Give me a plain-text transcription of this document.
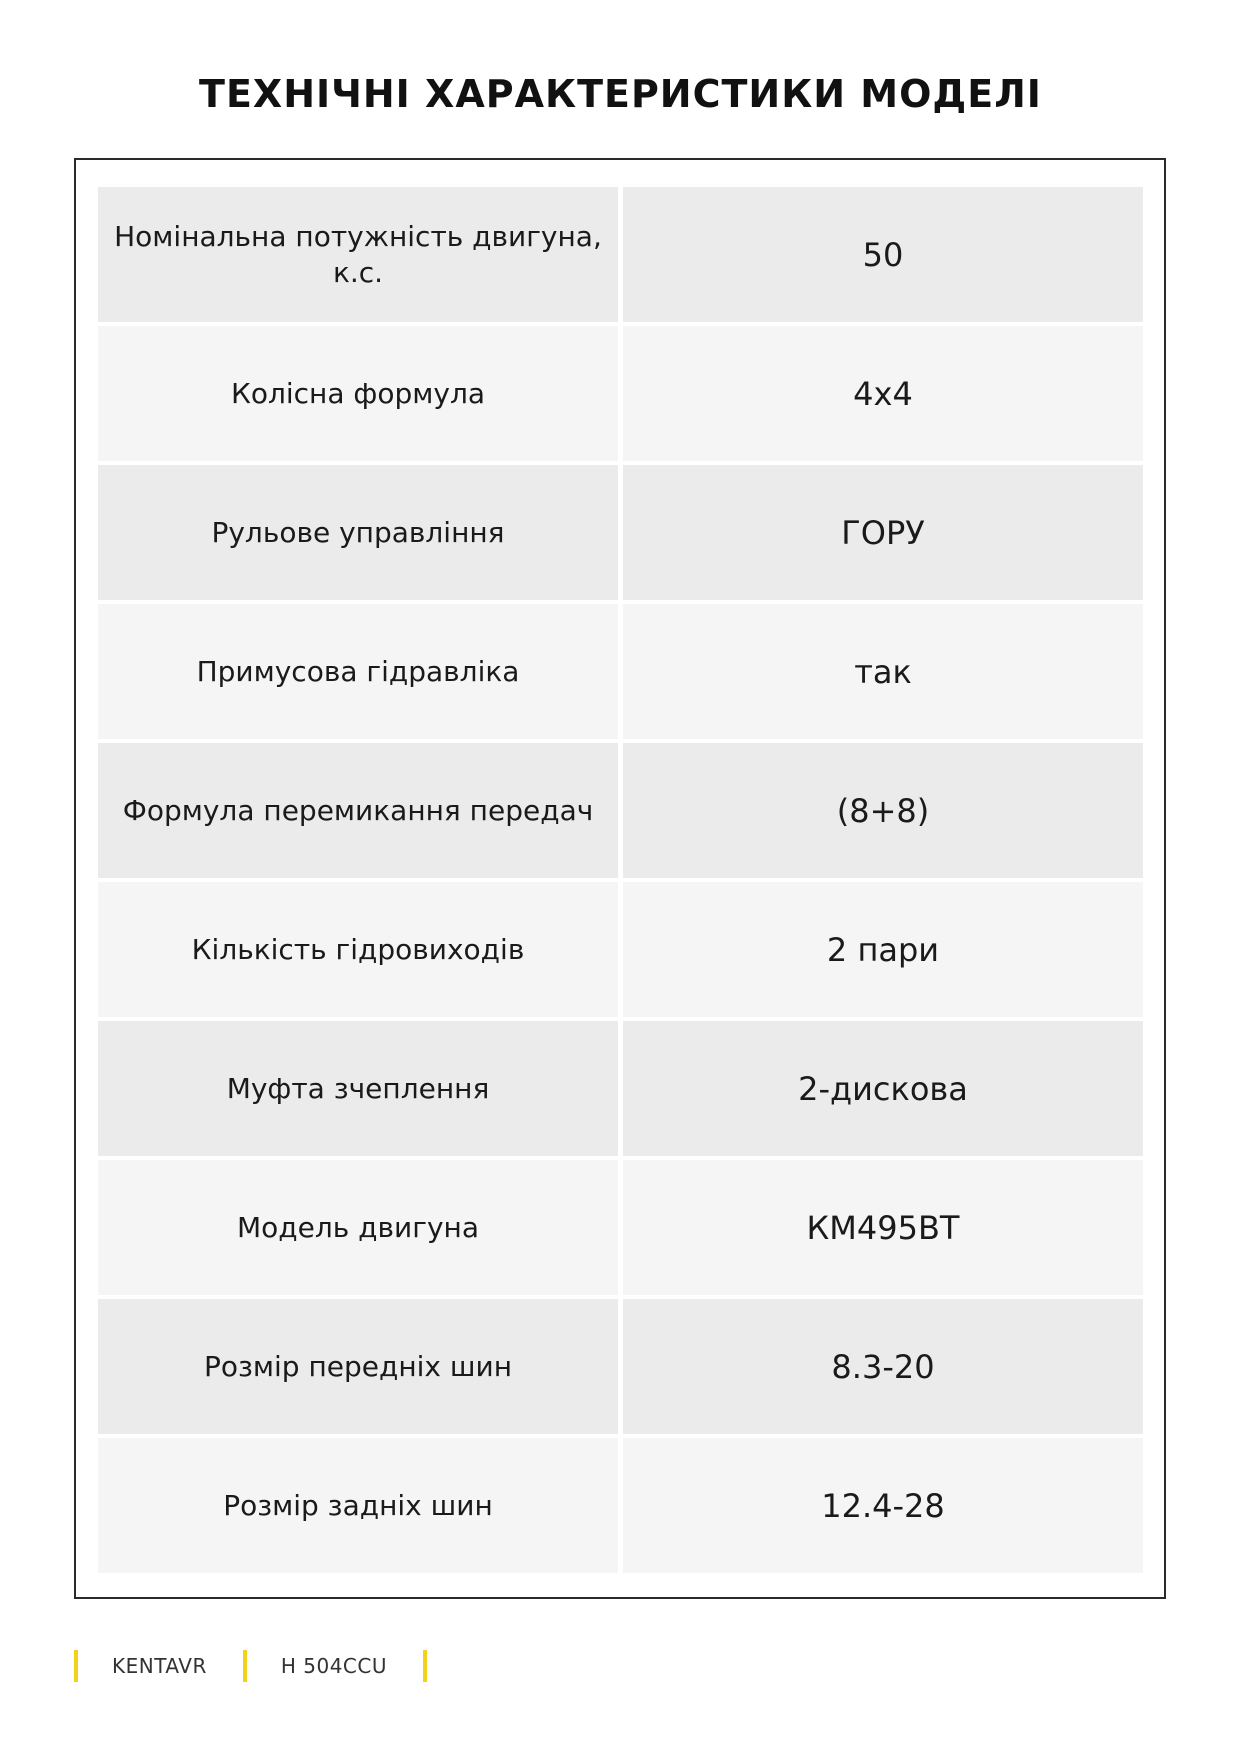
ТЕХНІЧНІ ХАРАКТЕРИСТИКИ МОДЕЛІ
Номінальна потужність двигуна, к.с.	50
Колісна формула	4х4
Рульове управління	ГОРУ
Примусова гідравліка	так
Формула перемикання передач	(8+8)
Кількість гідровиходів	2 пари
Муфта зчеплення	2-дискова
Модель двигуна	КМ495ВТ
Розмір передніх шин	8.3-20
Розмір задніх шин	12.4-28
KENTAVR	Н 504ССU
